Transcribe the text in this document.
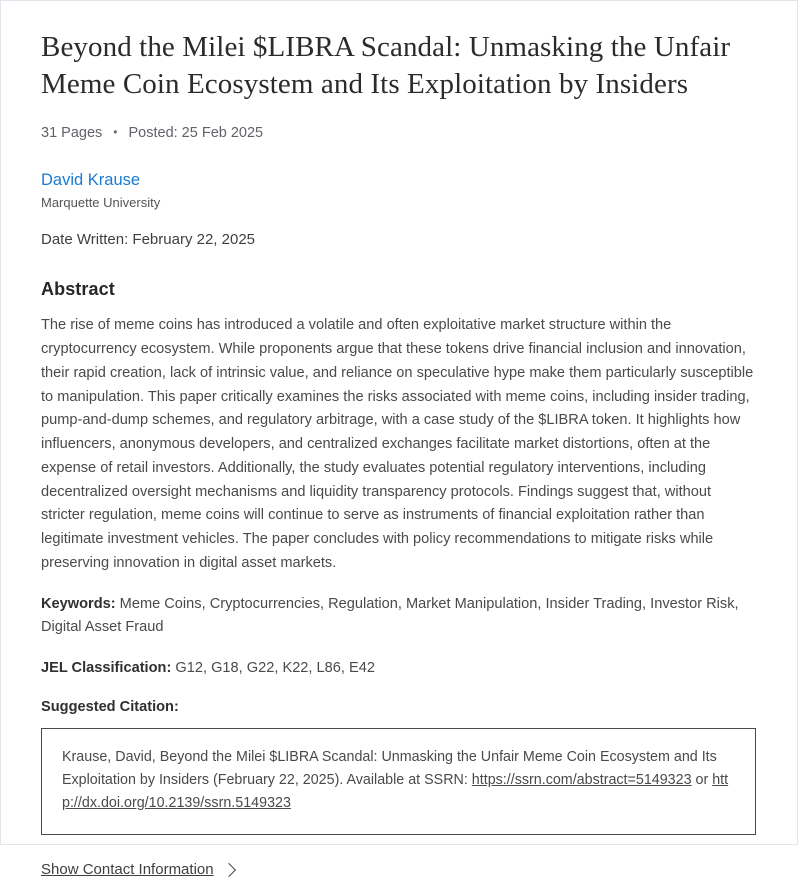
Beyond the Milei $LIBRA Scandal: Unmasking the Unfair Meme Coin Ecosystem and Its Exploitation by Insiders
31 Pages • Posted: 25 Feb 2025
David Krause
Marquette University
Date Written: February 22, 2025
Abstract
The rise of meme coins has introduced a volatile and often exploitative market structure within the cryptocurrency ecosystem. While proponents argue that these tokens drive financial inclusion and innovation, their rapid creation, lack of intrinsic value, and reliance on speculative hype make them particularly susceptible to manipulation. This paper critically examines the risks associated with meme coins, including insider trading, pump-and-dump schemes, and regulatory arbitrage, with a case study of the $LIBRA token. It highlights how influencers, anonymous developers, and centralized exchanges facilitate market distortions, often at the expense of retail investors. Additionally, the study evaluates potential regulatory interventions, including decentralized oversight mechanisms and liquidity transparency protocols. Findings suggest that, without stricter regulation, meme coins will continue to serve as instruments of financial exploitation rather than legitimate investment vehicles. The paper concludes with policy recommendations to mitigate risks while preserving innovation in digital asset markets.
Keywords: Meme Coins, Cryptocurrencies, Regulation, Market Manipulation, Insider Trading, Investor Risk, Digital Asset Fraud
JEL Classification: G12, G18, G22, K22, L86, E42
Suggested Citation:
Krause, David, Beyond the Milei $LIBRA Scandal: Unmasking the Unfair Meme Coin Ecosystem and Its Exploitation by Insiders (February 22, 2025). Available at SSRN: https://ssrn.com/abstract=5149323 or http://dx.doi.org/10.2139/ssrn.5149323
Show Contact Information
